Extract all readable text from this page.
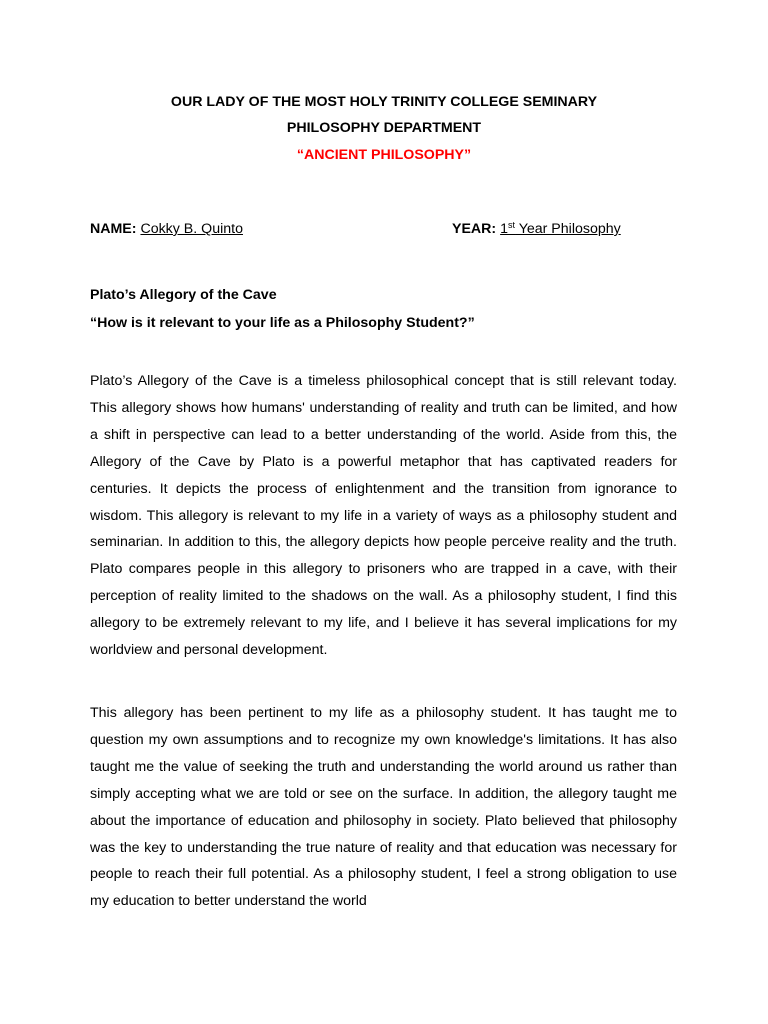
OUR LADY OF THE MOST HOLY TRINITY COLLEGE SEMINARY
PHILOSOPHY DEPARTMENT
“ANCIENT PHILOSOPHY”
NAME: Cokky B. Quinto	YEAR: 1st Year Philosophy
Plato’s Allegory of the Cave
“How is it relevant to your life as a Philosophy Student?”

Plato’s Allegory of the Cave is a timeless philosophical concept that is still relevant today. This allegory shows how humans' understanding of reality and truth can be limited, and how a shift in perspective can lead to a better understanding of the world. Aside from this, the Allegory of the Cave by Plato is a powerful metaphor that has captivated readers for centuries. It depicts the process of enlightenment and the transition from ignorance to wisdom. This allegory is relevant to my life in a variety of ways as a philosophy student and seminarian. In addition to this, the allegory depicts how people perceive reality and the truth. Plato compares people in this allegory to prisoners who are trapped in a cave, with their perception of reality limited to the shadows on the wall. As a philosophy student, I find this allegory to be extremely relevant to my life, and I believe it has several implications for my worldview and personal development.

This allegory has been pertinent to my life as a philosophy student. It has taught me to question my own assumptions and to recognize my own knowledge's limitations. It has also taught me the value of seeking the truth and understanding the world around us rather than simply accepting what we are told or see on the surface. In addition, the allegory taught me about the importance of education and philosophy in society. Plato believed that philosophy was the key to understanding the true nature of reality and that education was necessary for people to reach their full potential. As a philosophy student, I feel a strong obligation to use my education to better understand the world
